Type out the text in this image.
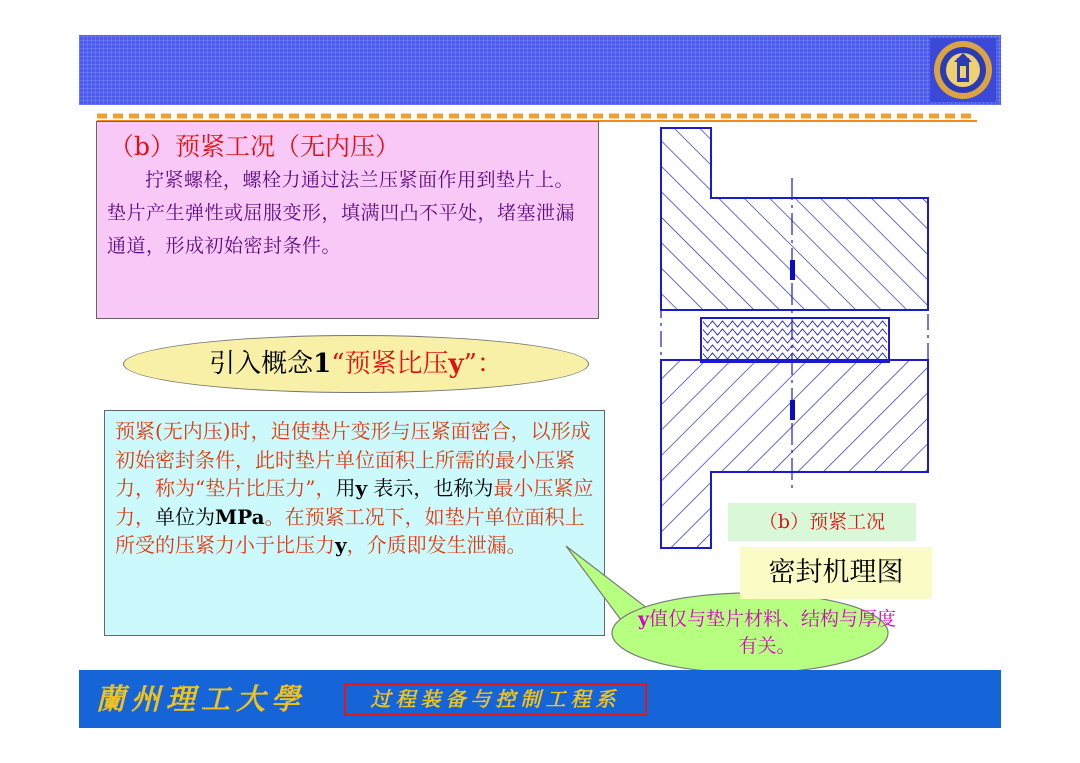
（b）预紧工况（无内压）

拧紧螺栓，螺栓力通过法兰压紧面作用到垫片上。垫片产生弹性或屈服变形，填满凹凸不平处，堵塞泄漏通道，形成初始密封条件。

引入概念1“预紧比压y”：
预紧(无内压)时，迫使垫片变形与压紧面密合，以形成初始密封条件，此时垫片单位面积上所需的最小压紧力，称为“垫片比压力”，用y 表示，也称为最小压紧应力，单位为MPa。在预紧工况下，如垫片单位面积上所受的压紧力小于比压力y，介质即发生泄漏。
y值仅与垫片材料、结构与厚度有关。
（b）预紧工况
密封机理图
蘭州理工大學	过程装备与控制工程系
